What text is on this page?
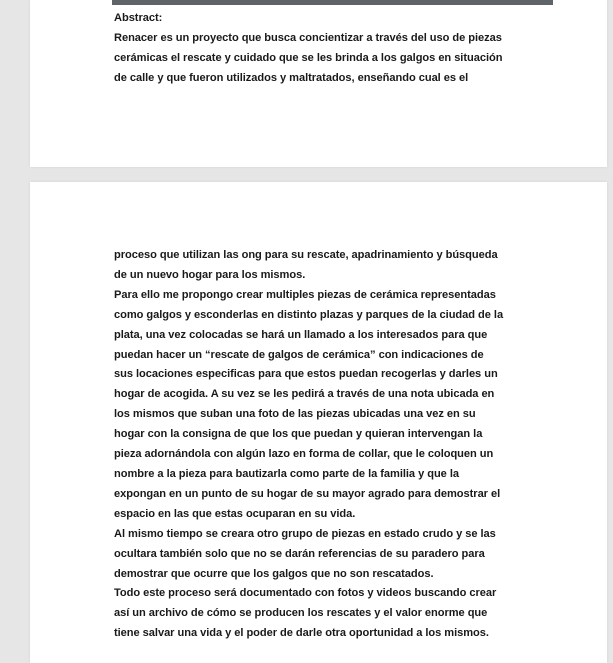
Abstract:
Renacer es un proyecto que busca concientizar a través del uso de piezas
cerámicas el rescate y cuidado que se les brinda a los galgos en situación
de calle y que fueron utilizados y maltratados, enseñando cual es el
proceso que utilizan las ong para su rescate, apadrinamiento y búsqueda
de un nuevo hogar para los mismos.
Para ello me propongo crear multiples piezas de cerámica representadas
como galgos y esconderlas en distinto plazas y parques de la ciudad de la
plata, una vez colocadas se hará un llamado a los interesados para que
puedan hacer un “rescate de galgos de cerámica” con indicaciones de
sus locaciones especificas para que estos puedan recogerlas y darles un
hogar de acogida. A su vez se les pedirá a través de una nota ubicada en
los mismos que suban una foto de las piezas ubicadas una vez en su
hogar con la consigna de que los que puedan y quieran intervengan la
pieza adornándola con algún lazo en forma de collar, que le coloquen un
nombre a la pieza para bautizarla como parte de la familia y que la
expongan en un punto de su hogar de su mayor agrado para demostrar el
espacio en las que estas ocuparan en su vida.
Al mismo tiempo se creara otro grupo de piezas en estado crudo y se las
ocultara también solo que no se darán referencias de su paradero para
demostrar que ocurre que los galgos que no son rescatados.
Todo este proceso será documentado con fotos y videos buscando crear
así un archivo de cómo se producen los rescates y el valor enorme que
tiene salvar una vida y el poder de darle otra oportunidad a los mismos.
